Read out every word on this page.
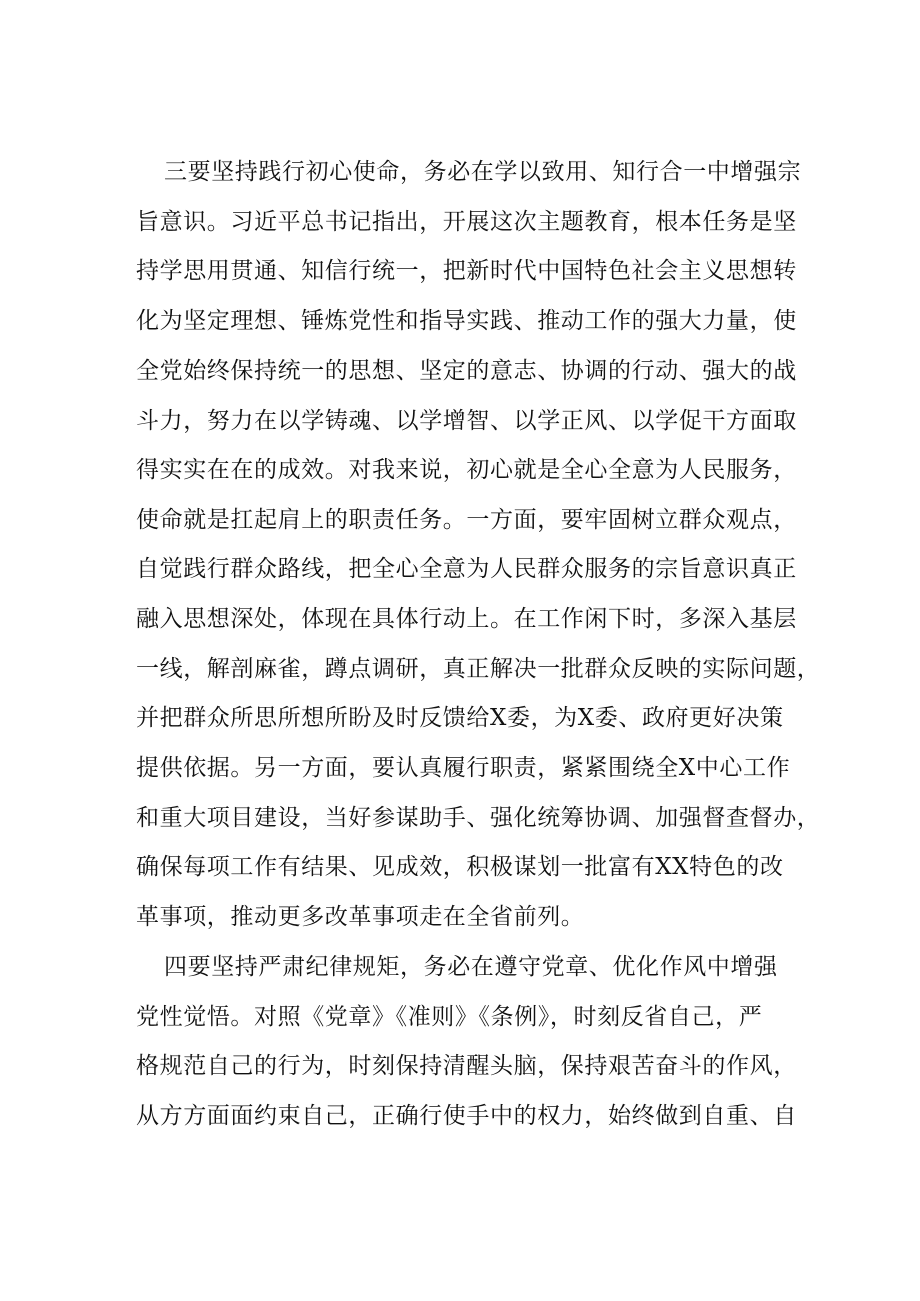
三要坚持践行初心使命，务必在学以致用、知行合一中增强宗
旨意识。习近平总书记指出，开展这次主题教育，根本任务是坚
持学思用贯通、知信行统一，把新时代中国特色社会主义思想转
化为坚定理想、锤炼党性和指导实践、推动工作的强大力量，使
全党始终保持统一的思想、坚定的意志、协调的行动、强大的战
斗力，努力在以学铸魂、以学增智、以学正风、以学促干方面取
得实实在在的成效。对我来说，初心就是全心全意为人民服务，
使命就是扛起肩上的职责任务。一方面，要牢固树立群众观点，
自觉践行群众路线，把全心全意为人民群众服务的宗旨意识真正
融入思想深处，体现在具体行动上。在工作闲下时，多深入基层
一线，解剖麻雀，蹲点调研，真正解决一批群众反映的实际问题，
并把群众所思所想所盼及时反馈给X委，为X委、政府更好决策
提供依据。另一方面，要认真履行职责，紧紧围绕全X中心工作
和重大项目建设，当好参谋助手、强化统筹协调、加强督查督办，
确保每项工作有结果、见成效，积极谋划一批富有XX特色的改
革事项，推动更多改革事项走在全省前列。
四要坚持严肃纪律规矩，务必在遵守党章、优化作风中增强
党性觉悟。对照《党章》《准则》《条例》，时刻反省自己，严
格规范自己的行为，时刻保持清醒头脑，保持艰苦奋斗的作风，
从方方面面约束自己，正确行使手中的权力，始终做到自重、自
